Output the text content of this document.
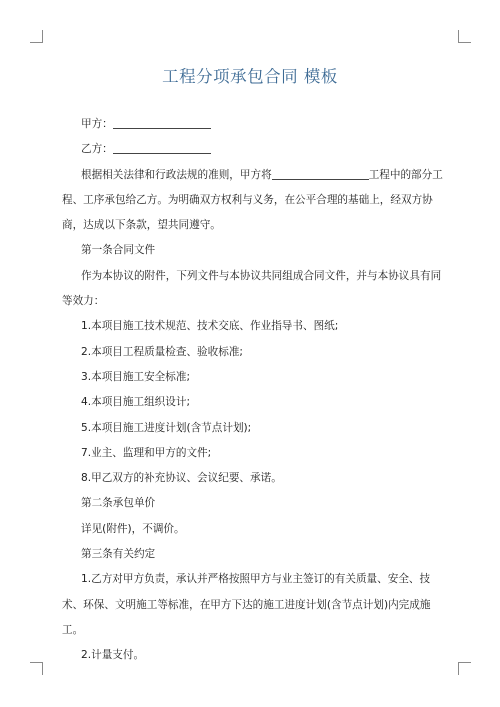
工程分项承包合同 模板

甲方：

乙方：

根据相关法律和行政法规的准则，甲方将	工程中的部分工程、工序承包给乙方。为明确双方权利与义务，在公平合理的基础上，经双方协商，达成以下条款，望共同遵守。

第一条合同文件

作为本协议的附件，下列文件与本协议共同组成合同文件，并与本协议具有同等效力：

1.本项目施工技术规范、技术交底、作业指导书、图纸;

2.本项目工程质量检查、验收标准;

3.本项目施工安全标准;

4.本项目施工组织设计;

5.本项目施工进度计划(含节点计划);

7.业主、监理和甲方的文件;

8.甲乙双方的补充协议、会议纪要、承诺。

第二条承包单价

详见(附件)，不调价。

第三条有关约定

1.乙方对甲方负责，承认并严格按照甲方与业主签订的有关质量、安全、技术、环保、文明施工等标准，在甲方下达的施工进度计划(含节点计划)内完成施工。

2.计量支付。
